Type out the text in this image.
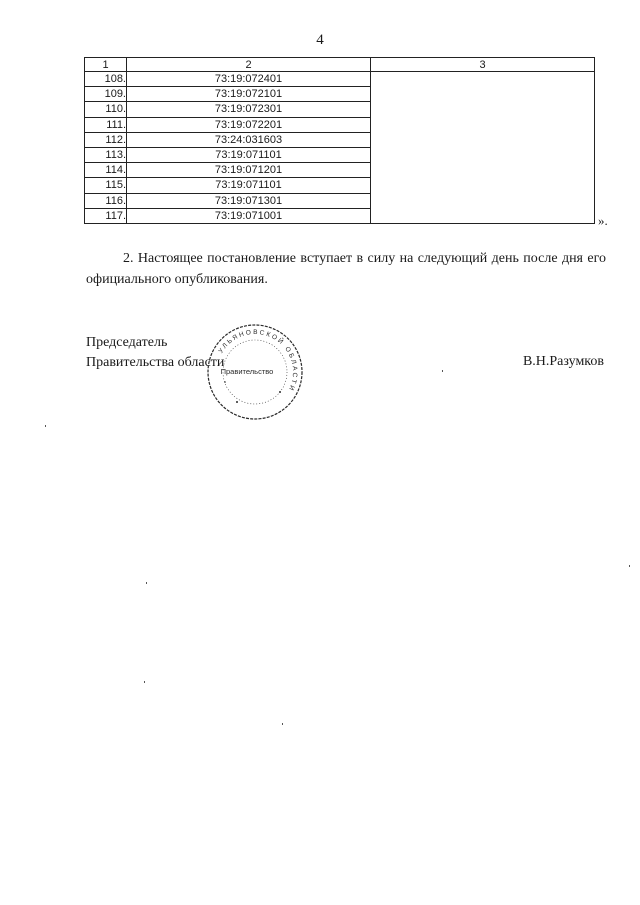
4
1	2	3
108.	73:19:072401	
109.	73:19:072101	
110.	73:19:072301	
111.	73:19:072201	
112.	73:24:031603	
113.	73:19:071101	
114.	73:19:071201	
115.	73:19:071101	
116.	73:19:071301	
117.	73:19:071001		».

2. Настоящее постановление вступает в силу на следующий день после дня его официального опубликования.

Председатель
Правительства области
УЛЬЯНОВСКОЙ ОБЛАСТИ
Правительство
В.Н.Разумков
